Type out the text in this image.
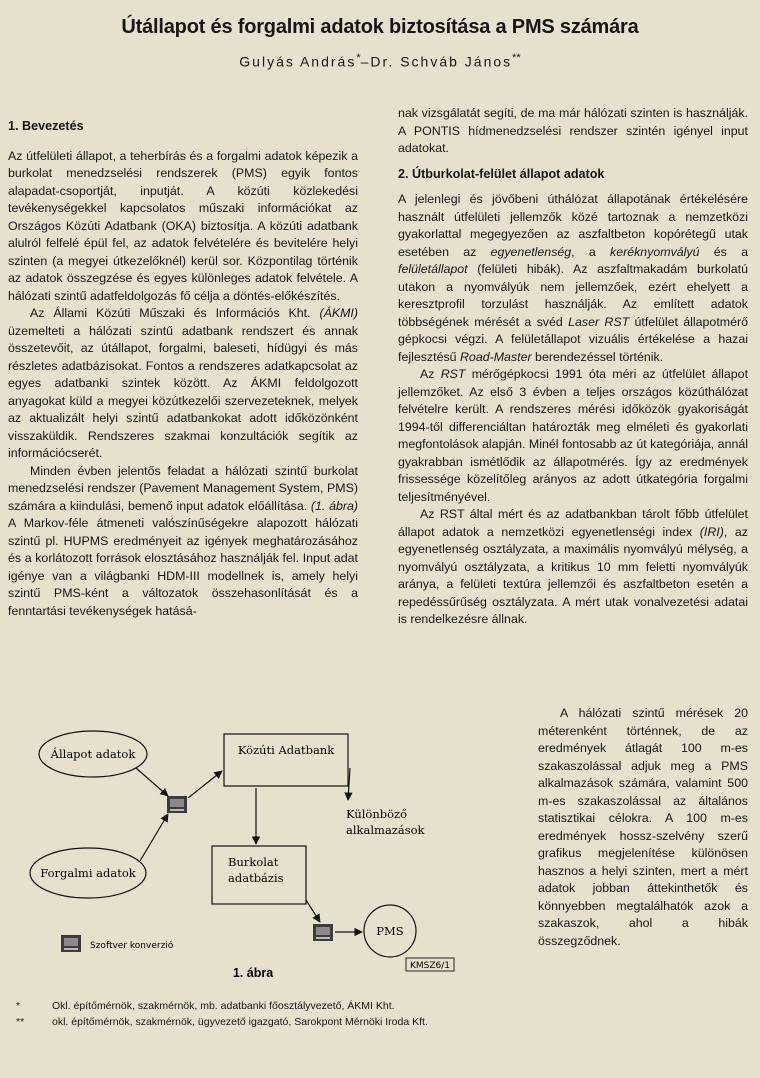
Útállapot és forgalmi adatok biztosítása a PMS számára
Gulyás András*–Dr. Schváb János**
1. Bevezetés

Az útfelületi állapot, a teherbírás és a forgalmi adatok képezik a burkolat menedzselési rendszerek (PMS) egyik fontos alapadat-csoportját, inputját. A közúti közlekedési tevékenységekkel kapcsolatos műszaki információkat az Országos Közúti Adatbank (OKA) biztosítja. A közúti adatbank alulról felfelé épül fel, az adatok felvételére és bevitelére helyi szinten (a megyei útkezelőknél) kerül sor. Központilag történik az adatok összegzése és egyes különleges adatok felvétele. A hálózati szintű adatfeldolgozás fő célja a döntés-előkészítés.

Az Állami Közúti Műszaki és Információs Kht. (ÁKMI) üzemelteti a hálózati szintű adatbank rendszert és annak összetevőit, az útállapot, forgalmi, baleseti, hídügyi és más részletes adatbázisokat. Fontos a rendszeres adatkapcsolat az egyes adatbanki szintek között. Az ÁKMI feldolgozott anyagokat küld a megyei közútkezelői szervezeteknek, melyek az aktualizált helyi szintű adatbankokat adott időközönként visszaküldik. Rendszeres szakmai konzultációk segítik az információcserét.

Minden évben jelentős feladat a hálózati szintű burkolat menedzselési rendszer (Pavement Management System, PMS) számára a kiindulási, bemenő input adatok előállítása. (1. ábra) A Markov-féle átmeneti valószínűségekre alapozott hálózati szintű pl. HUPMS eredményeit az igények meghatározásához és a korlátozott források elosztásához használják fel. Input adat igénye van a világbanki HDM-III modellnek is, amely helyi szintű PMS-ként a változatok összehasonlítását és a fenntartási tevékenységek hatásá-

nak vizsgálatát segíti, de ma már hálózati szinten is használják. A PONTIS hídmenedzselési rendszer szintén igényel input adatokat.

2. Útburkolat-felület állapot adatok

A jelenlegi és jövőbeni úthálózat állapotának értékelésére használt útfelületi jellemzők közé tartoznak a nemzetközi gyakorlattal megegyezően az aszfaltbeton kopórétegű utak esetében az egyenetlenség, a keréknyomvályú és a felületállapot (felületi hibák). Az aszfaltmakadám burkolatú utakon a nyomvályúk nem jellemzőek, ezért ehelyett a keresztprofil torzulást használják. Az említett adatok többségének mérését a svéd Laser RST útfelület állapotmérő gépkocsi végzi. A felületállapot vizuális értékelése a hazai fejlesztésű Road-Master berendezéssel történik.

Az RST mérőgépkocsi 1991 óta méri az útfelület állapot jellemzőket. Az első 3 évben a teljes országos közúthálózat felvételre került. A rendszeres mérési időközök gyakoriságát 1994-től differenciáltan határozták meg elméleti és gyakorlati megfontolások alapján. Minél fontosabb az út kategóriája, annál gyakrabban ismétlődik az állapotmérés. Így az eredmények frissessége közelítőleg arányos az adott útkategória forgalmi teljesítményével.

Az RST által mért és az adatbankban tárolt főbb útfelület állapot adatok a nemzetközi egyenetlenségi index (IRI), az egyenetlenség osztályzata, a maximális nyomvályú mélység, a nyomvályú osztályzata, a kritikus 10 mm feletti nyomvályúk aránya, a felületi textúra jellemzői és aszfaltbeton esetén a repedéssűrűség osztályzata. A mért utak vonalvezetési adatai is rendelkezésre állnak.

A hálózati szintű mérések 20 méterenként történnek, de az eredmények átlagát 100 m-es szakaszolással adjuk meg a PMS alkalmazások számára, valamint 500 m-es szakaszolással az általános statisztikai célokra. A 100 m-es eredmények hossz-szelvény szerű grafikus megjelenítése különösen hasznos a helyi szinten, mert a mért adatok jobban áttekinthetők és könnyebben megtalálhatók azok a szakaszok, ahol a hibák összegződnek.

Állapot adatok	Közúti Adatbank
Különböző
alkalmazások
Forgalmi adatok
Burkolat
adatbázis
PMS
Szoftver konverzió
1. ábra	KMSZ6/1
*	Okl. építőmérnök, szakmérnök, mb. adatbanki főosztályvezető, ÁKMI Kht.
**	okl. építőmérnök, szakmérnök, ügyvezető igazgató, Sarokpont Mérnöki Iroda Kft.
